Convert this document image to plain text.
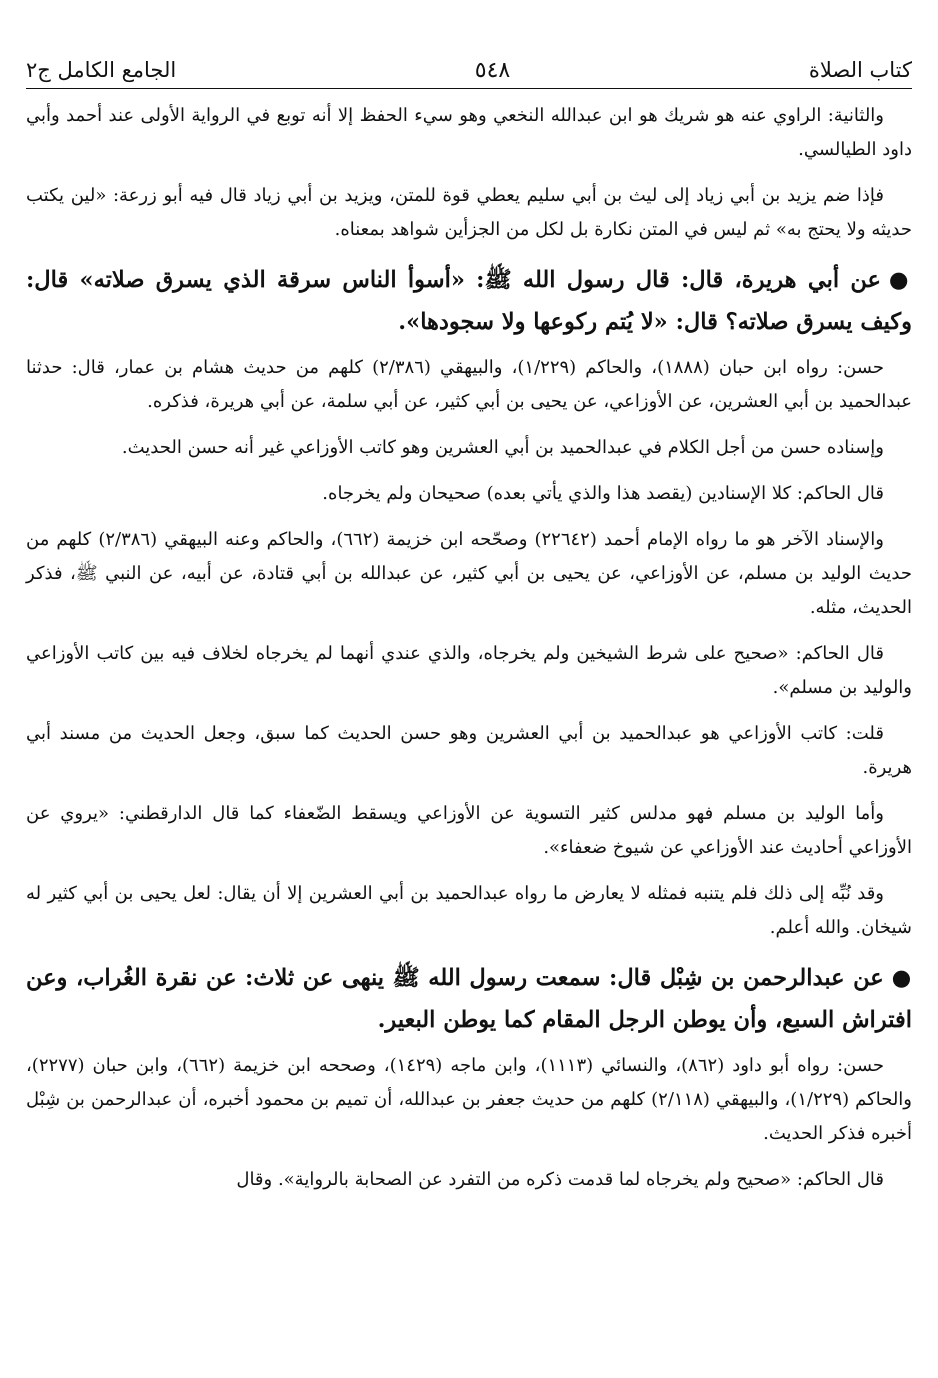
كتاب الصلاة
٥٤٨
الجامع الكامل ج٢

والثانية: الراوي عنه هو شريك هو ابن عبدالله النخعي وهو سيء الحفظ إلا أنه توبع في الرواية الأولى عند أحمد وأبي داود الطيالسي.

فإذا ضم يزيد بن أبي زياد إلى ليث بن أبي سليم يعطي قوة للمتن، ويزيد بن أبي زياد قال فيه أبو زرعة: «لين يكتب حديثه ولا يحتج به» ثم ليس في المتن نكارة بل لكل من الجزأين شواهد بمعناه.

●عن أبي هريرة، قال: قال رسول الله ﷺ: «أسوأ الناس سرقة الذي يسرق صلاته» قال: وكيف يسرق صلاته؟ قال: «لا يُتم ركوعها ولا سجودها».

حسن: رواه ابن حبان (١٨٨٨)، والحاكم (١/٢٢٩)، والبيهقي (٢/٣٨٦) كلهم من حديث هشام بن عمار، قال: حدثنا عبدالحميد بن أبي العشرين، عن الأوزاعي، عن يحيى بن أبي كثير، عن أبي سلمة، عن أبي هريرة، فذكره.

وإسناده حسن من أجل الكلام في عبدالحميد بن أبي العشرين وهو كاتب الأوزاعي غير أنه حسن الحديث.

قال الحاكم: كلا الإسنادين (يقصد هذا والذي يأتي بعده) صحيحان ولم يخرجاه.

والإسناد الآخر هو ما رواه الإمام أحمد (٢٢٦٤٢) وصحّحه ابن خزيمة (٦٦٢)، والحاكم وعنه البيهقي (٢/٣٨٦) كلهم من حديث الوليد بن مسلم، عن الأوزاعي، عن يحيى بن أبي كثير، عن عبدالله بن أبي قتادة، عن أبيه، عن النبي ﷺ، فذكر الحديث، مثله.

قال الحاكم: «صحيح على شرط الشيخين ولم يخرجاه، والذي عندي أنهما لم يخرجاه لخلاف فيه بين كاتب الأوزاعي والوليد بن مسلم».

قلت: كاتب الأوزاعي هو عبدالحميد بن أبي العشرين وهو حسن الحديث كما سبق، وجعل الحديث من مسند أبي هريرة.

وأما الوليد بن مسلم فهو مدلس كثير التسوية عن الأوزاعي ويسقط الضّعفاء كما قال الدارقطني: «يروي عن الأوزاعي أحاديث عند الأوزاعي عن شيوخ ضعفاء».

وقد نُبِّه إلى ذلك فلم يتنبه فمثله لا يعارض ما رواه عبدالحميد بن أبي العشرين إلا أن يقال: لعل يحيى بن أبي كثير له شيخان. والله أعلم.

●عن عبدالرحمن بن شِبْل قال: سمعت رسول الله ﷺ ينهى عن ثلاث: عن نقرة الغُراب، وعن افتراش السبع، وأن يوطن الرجل المقام كما يوطن البعير.

حسن: رواه أبو داود (٨٦٢)، والنسائي (١١١٣)، وابن ماجه (١٤٢٩)، وصححه ابن خزيمة (٦٦٢)، وابن حبان (٢٢٧٧)، والحاكم (١/٢٢٩)، والبيهقي (٢/١١٨) كلهم من حديث جعفر بن عبدالله، أن تميم بن محمود أخبره، أن عبدالرحمن بن شِبْل أخبره فذكر الحديث.

قال الحاكم: «صحيح ولم يخرجاه لما قدمت ذكره من التفرد عن الصحابة بالرواية». وقال
